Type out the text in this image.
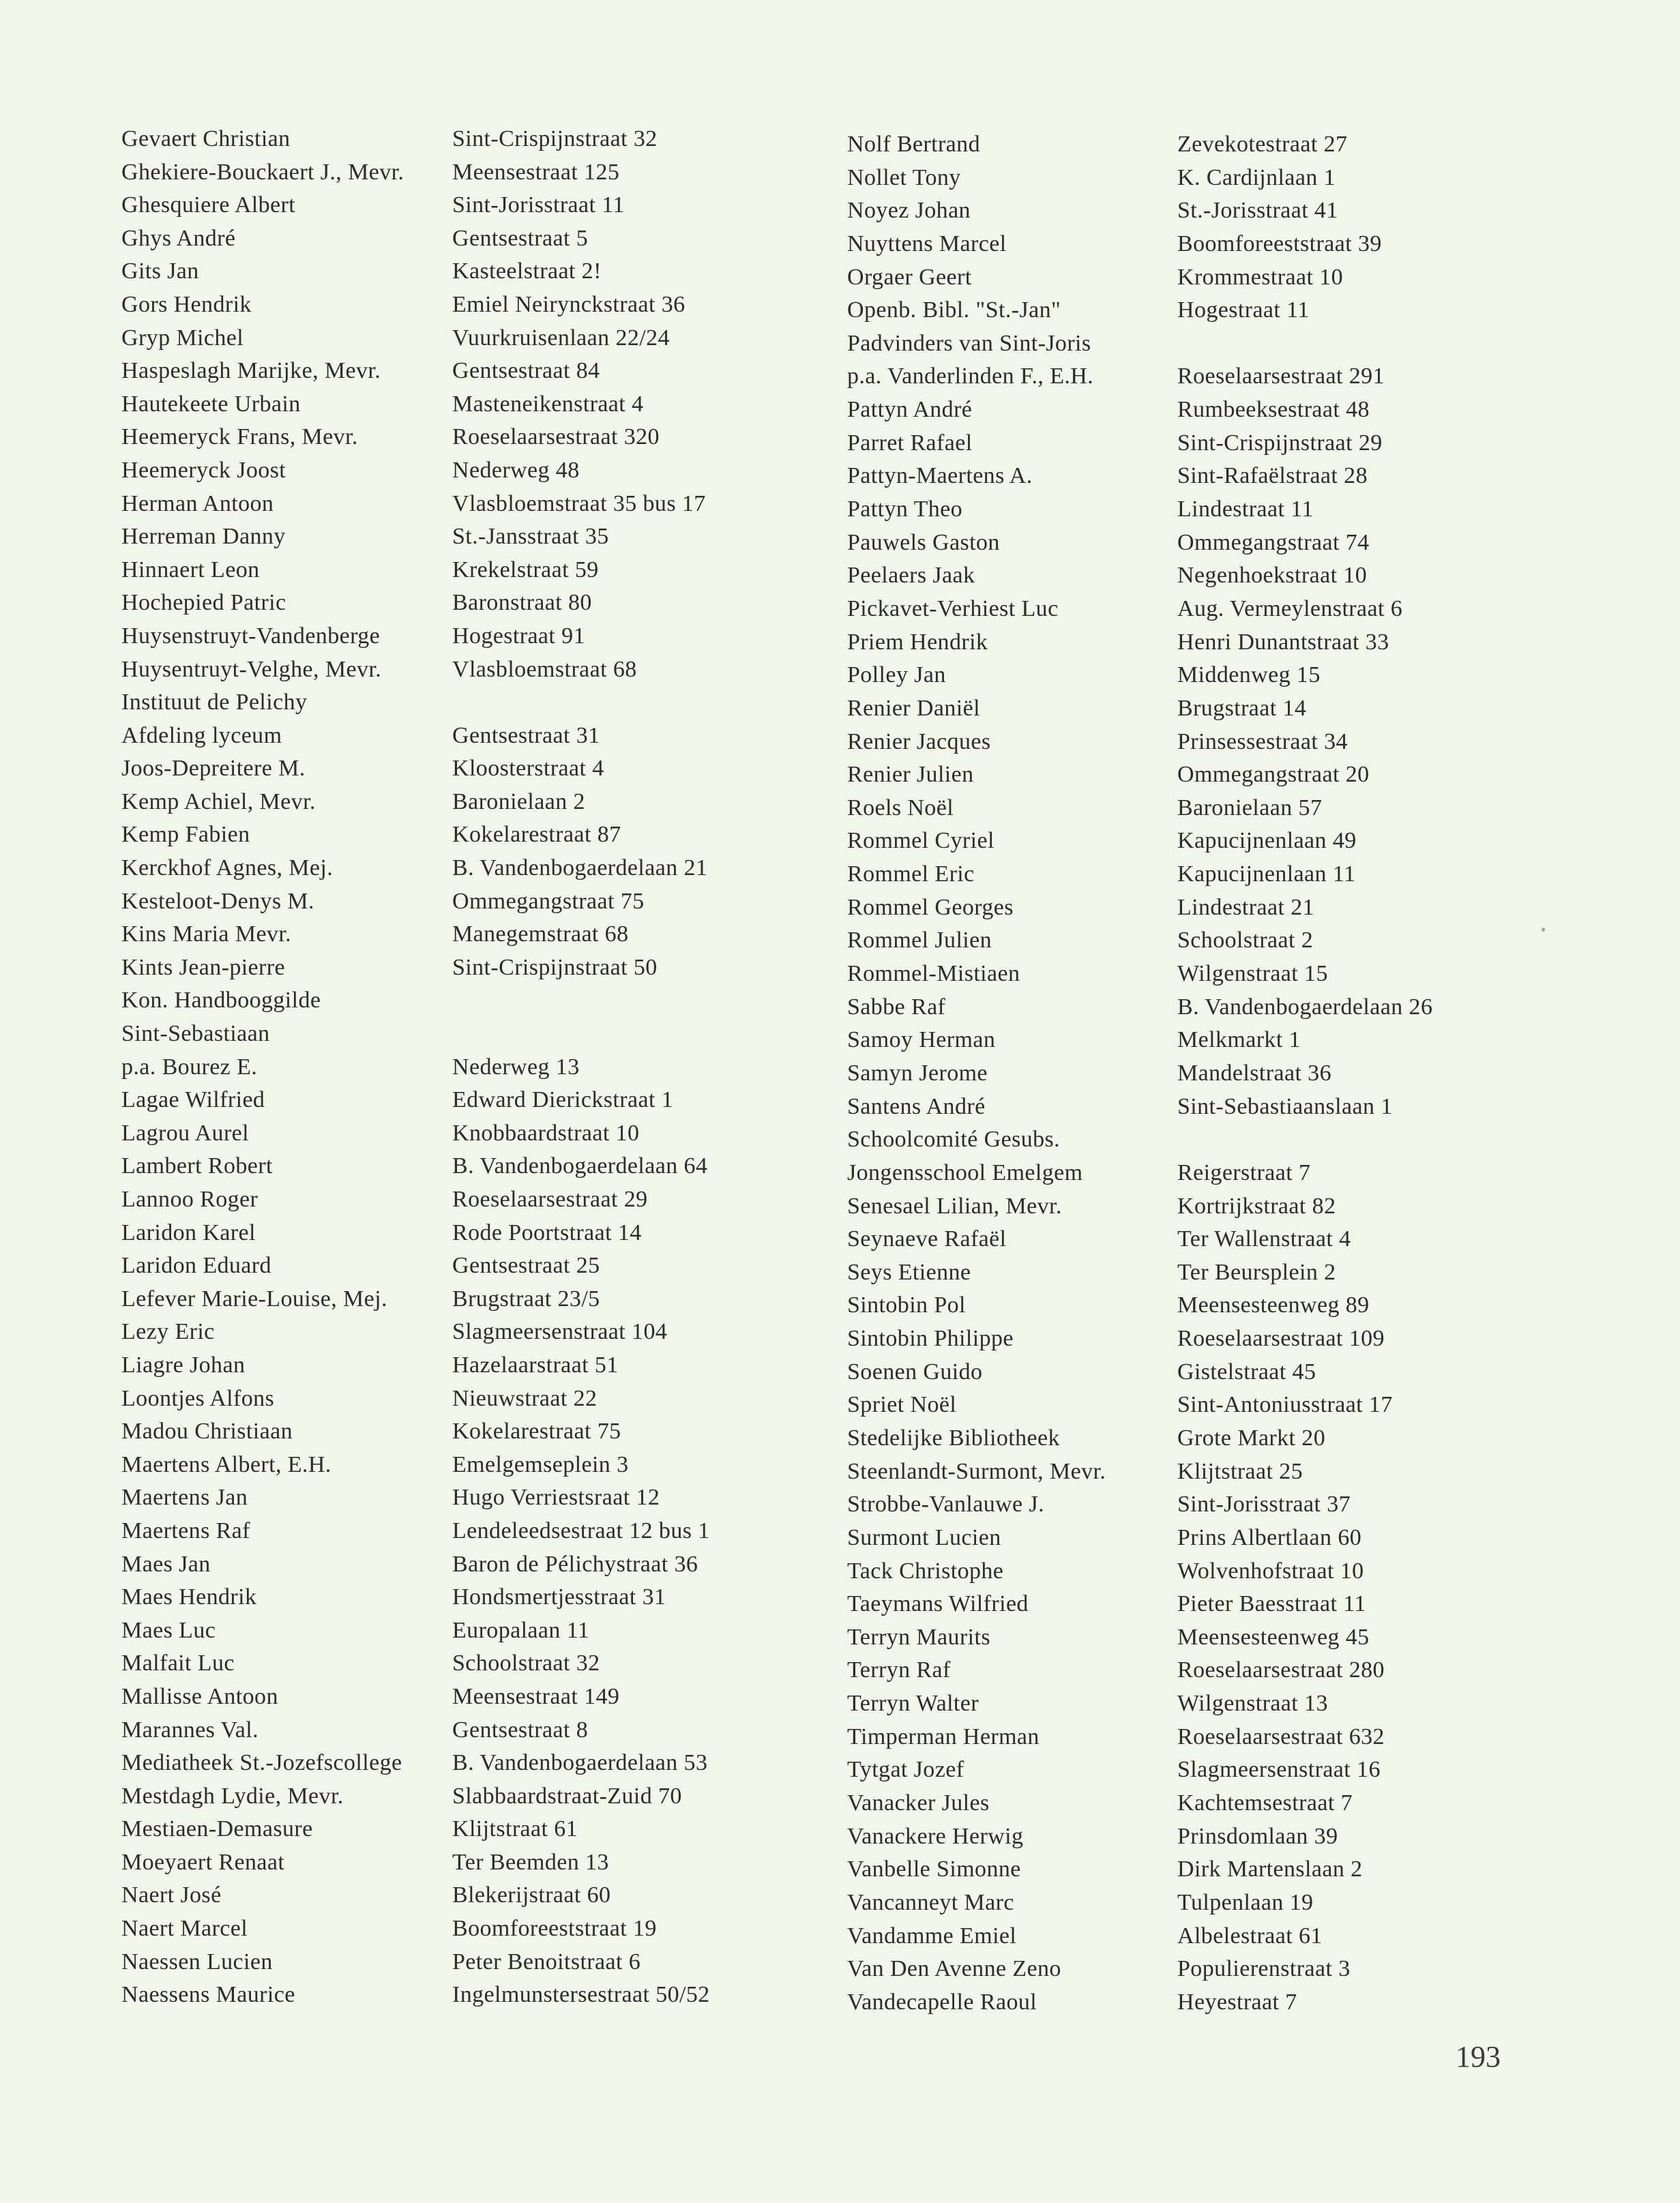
Gevaert Christian	Sint-Crispijnstraat 32
Ghekiere-Bouckaert J., Mevr.	Meensestraat 125
Ghesquiere Albert	Sint-Jorisstraat 11
Ghys André	Gentsestraat 5
Gits Jan	Kasteelstraat 2!
Gors Hendrik	Emiel Neirynckstraat 36
Gryp Michel	Vuurkruisenlaan 22/24
Haspeslagh Marijke, Mevr.	Gentsestraat 84
Hautekeete Urbain	Masteneikenstraat 4
Heemeryck Frans, Mevr.	Roeselaarsestraat 320
Heemeryck Joost	Nederweg 48
Herman Antoon	Vlasbloemstraat 35 bus 17
Herreman Danny	St.-Jansstraat 35
Hinnaert Leon	Krekelstraat 59
Hochepied Patric	Baronstraat 80
Huysenstruyt-Vandenberge	Hogestraat 91
Huysentruyt-Velghe, Mevr.	Vlasbloemstraat 68
Instituut de Pelichy
Afdeling lyceum	Gentsestraat 31
Joos-Depreitere M.	Kloosterstraat 4
Kemp Achiel, Mevr.	Baronielaan 2
Kemp Fabien	Kokelarestraat 87
Kerckhof Agnes, Mej.	B. Vandenbogaerdelaan 21
Kesteloot-Denys M.	Ommegangstraat 75
Kins Maria Mevr.	Manegemstraat 68
Kints Jean-pierre	Sint-Crispijnstraat 50
Kon. Handbooggilde
Sint-Sebastiaan
p.a. Bourez E.	Nederweg 13
Lagae Wilfried	Edward Dierickstraat 1
Lagrou Aurel	Knobbaardstraat 10
Lambert Robert	B. Vandenbogaerdelaan 64
Lannoo Roger	Roeselaarsestraat 29
Laridon Karel	Rode Poortstraat 14
Laridon Eduard	Gentsestraat 25
Lefever Marie-Louise, Mej.	Brugstraat 23/5
Lezy Eric	Slagmeersenstraat 104
Liagre Johan	Hazelaarstraat 51
Loontjes Alfons	Nieuwstraat 22
Madou Christiaan	Kokelarestraat 75
Maertens Albert, E.H.	Emelgemseplein 3
Maertens Jan	Hugo Verriestsraat 12
Maertens Raf	Lendeleedsestraat 12 bus 1
Maes Jan	Baron de Pélichystraat 36
Maes Hendrik	Hondsmertjesstraat 31
Maes Luc	Europalaan 11
Malfait Luc	Schoolstraat 32
Mallisse Antoon	Meensestraat 149
Marannes Val.	Gentsestraat 8
Mediatheek St.-Jozefscollege	B. Vandenbogaerdelaan 53
Mestdagh Lydie, Mevr.	Slabbaardstraat-Zuid 70
Mestiaen-Demasure	Klijtstraat 61
Moeyaert Renaat	Ter Beemden 13
Naert José	Blekerijstraat 60
Naert Marcel	Boomforeeststraat 19
Naessen Lucien	Peter Benoitstraat 6
Naessens Maurice	Ingelmunstersestraat 50/52
Nolf Bertrand	Zevekotestraat 27
Nollet Tony	K. Cardijnlaan 1
Noyez Johan	St.-Jorisstraat 41
Nuyttens Marcel	Boomforeeststraat 39
Orgaer Geert	Krommestraat 10
Openb. Bibl. "St.-Jan"	Hogestraat 11
Padvinders van Sint-Joris
p.a. Vanderlinden F., E.H.	Roeselaarsestraat 291
Pattyn André	Rumbeeksestraat 48
Parret Rafael	Sint-Crispijnstraat 29
Pattyn-Maertens A.	Sint-Rafaëlstraat 28
Pattyn Theo	Lindestraat 11
Pauwels Gaston	Ommegangstraat 74
Peelaers Jaak	Negenhoekstraat 10
Pickavet-Verhiest Luc	Aug. Vermeylenstraat 6
Priem Hendrik	Henri Dunantstraat 33
Polley Jan	Middenweg 15
Renier Daniël	Brugstraat 14
Renier Jacques	Prinsessestraat 34
Renier Julien	Ommegangstraat 20
Roels Noël	Baronielaan 57
Rommel Cyriel	Kapucijnenlaan 49
Rommel Eric	Kapucijnenlaan 11
Rommel Georges	Lindestraat 21
Rommel Julien	Schoolstraat 2
Rommel-Mistiaen	Wilgenstraat 15
Sabbe Raf	B. Vandenbogaerdelaan 26
Samoy Herman	Melkmarkt 1
Samyn Jerome	Mandelstraat 36
Santens André	Sint-Sebastiaanslaan 1
Schoolcomité Gesubs.
Jongensschool Emelgem	Reigerstraat 7
Senesael Lilian, Mevr.	Kortrijkstraat 82
Seynaeve Rafaël	Ter Wallenstraat 4
Seys Etienne	Ter Beursplein 2
Sintobin Pol	Meensesteenweg 89
Sintobin Philippe	Roeselaarsestraat 109
Soenen Guido	Gistelstraat 45
Spriet Noël	Sint-Antoniusstraat 17
Stedelijke Bibliotheek	Grote Markt 20
Steenlandt-Surmont, Mevr.	Klijtstraat 25
Strobbe-Vanlauwe J.	Sint-Jorisstraat 37
Surmont Lucien	Prins Albertlaan 60
Tack Christophe	Wolvenhofstraat 10
Taeymans Wilfried	Pieter Baesstraat 11
Terryn Maurits	Meensesteenweg 45
Terryn Raf	Roeselaarsestraat 280
Terryn Walter	Wilgenstraat 13
Timperman Herman	Roeselaarsestraat 632
Tytgat Jozef	Slagmeersenstraat 16
Vanacker Jules	Kachtemsestraat 7
Vanackere Herwig	Prinsdomlaan 39
Vanbelle Simonne	Dirk Martenslaan 2
Vancanneyt Marc	Tulpenlaan 19
Vandamme Emiel	Albelestraat 61
Van Den Avenne Zeno	Populierenstraat 3
Vandecapelle Raoul	Heyestraat 7
193
